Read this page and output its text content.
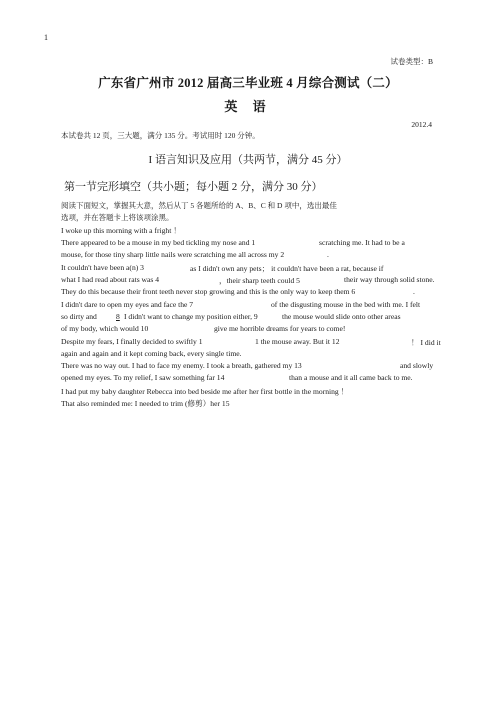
1

试卷类型：B

广东省广州市 2012 届高三毕业班 4 月综合测试（二）

英 语

2012.4

本试卷共 12 页，三大题，满分 135 分。考试用时 120 分钟。

I 语言知识及应用（共两节，满分 45 分）

第一节完形填空（共小题；每小题 2 分，满分 30 分）

阅读下面短文，掌握其大意，然后从丁 5 各题所给的 A、B、C 和 D 项中，选出最佳

选项，并在答题卡上将该项涂黑。

I woke up this morning with a fright ！

There appeared to be a mouse in my bed tickling my nose and 1	scratching me. It had to be a

mouse, for those tiny sharp little nails were scratching me all across my 2	.

It couldn't have been a(n) 3	as I didn't own any pets； it couldn't have been a rat, because if

what I had read about rats was 4	，their sharp teeth could 5	their way through solid stone.

They do this because their front teeth never stop growing and this is the only way to keep them 6	.

I didn't dare to open my eyes and face the 7	of the disgusting mouse in the bed with me. I felt

so dirty and	8 I didn't want to change my position either, 9	the mouse would slide onto other areas

of my body, which would 10	give me horrible dreams for years to come!

Despite my fears, I finally decided to swiftly 1	1 the mouse away. But it 12	！ I did it

again and again and it kept coming back, every single time.

There was no way out. I had to face my enemy. I took a breath, gathered my 13	and slowly

opened my eyes. To my relief, I saw something far 14	than a mouse and it all came back to me.

I had put my baby daughter Rebecca into bed beside me after her first bottle in the morning ！

That also reminded me: I needed to trim (修剪）her 15
